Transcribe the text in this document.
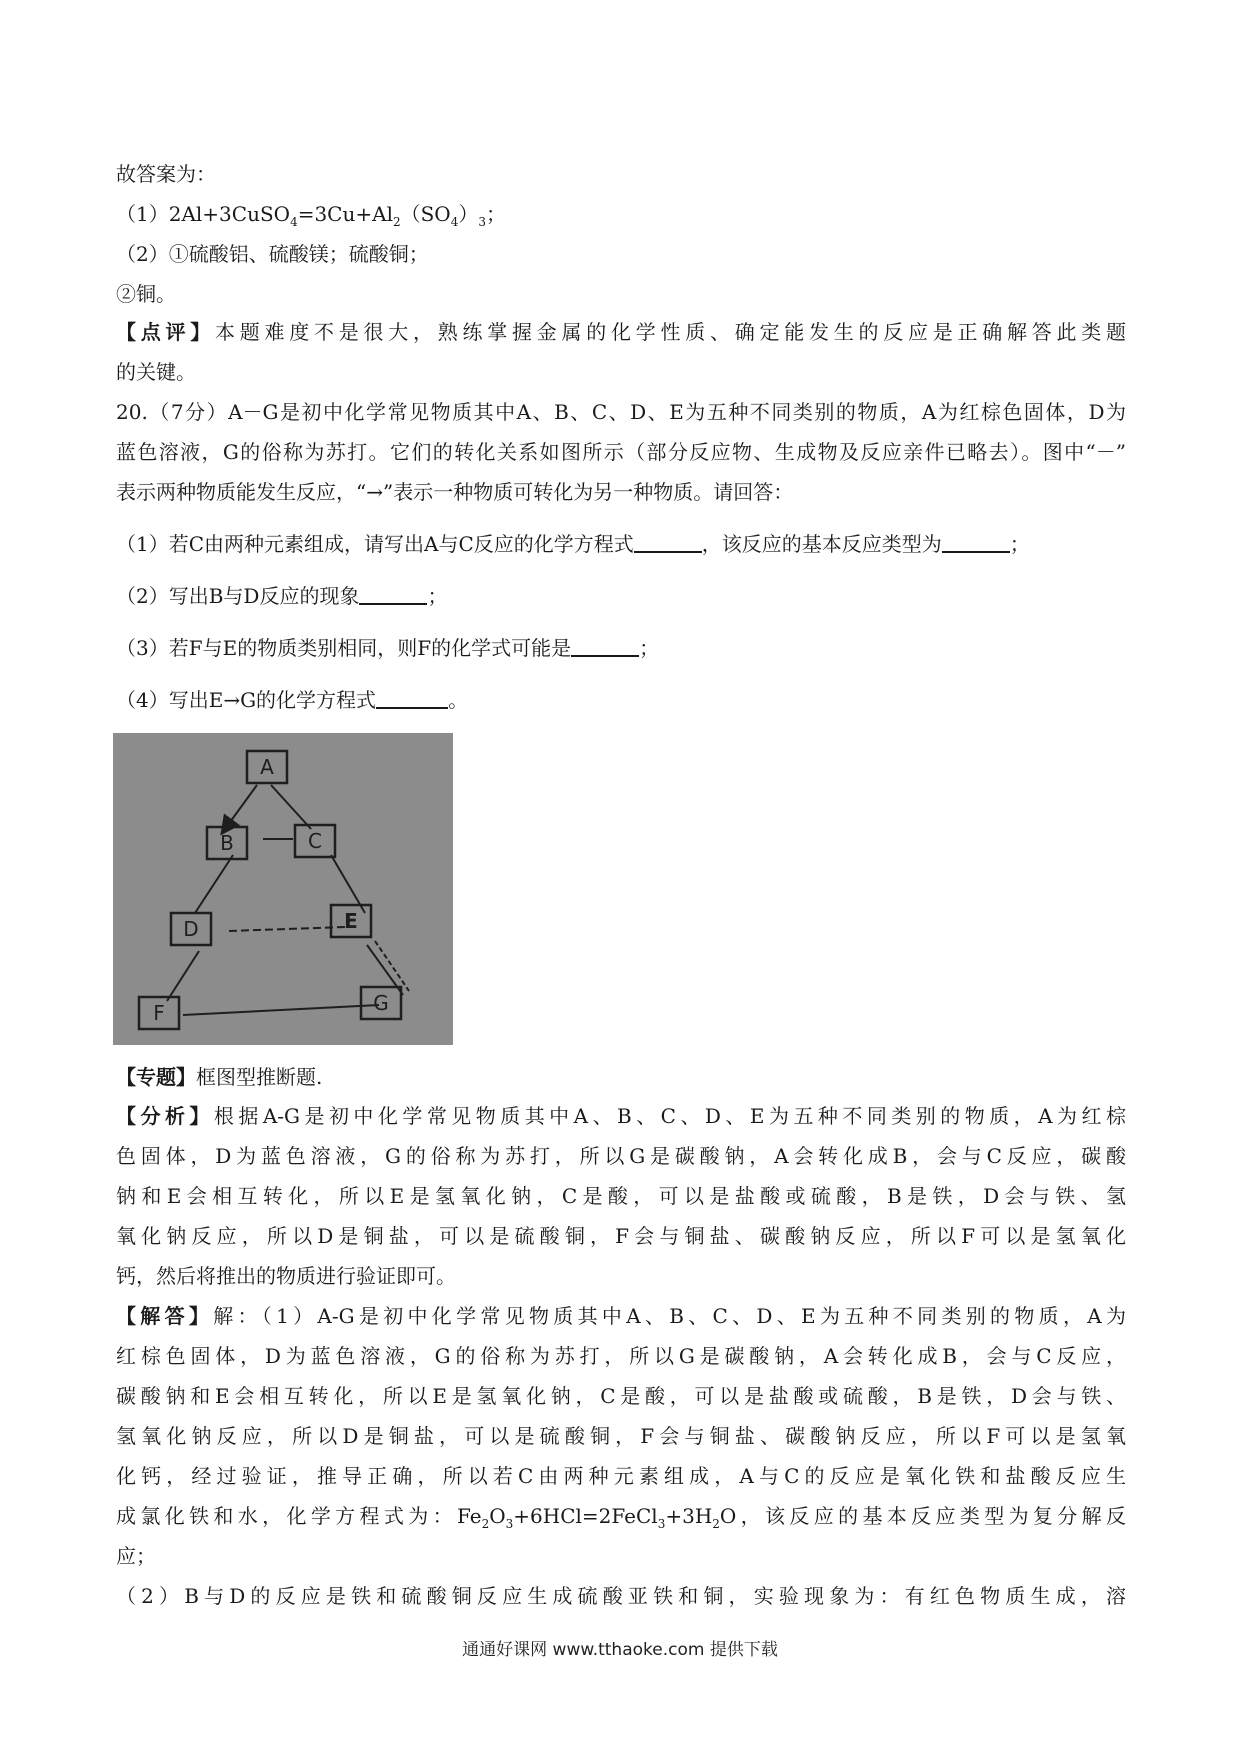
故答案为：
$(1)2Al+3CuSO_4=3Cu+Al_2(SO_4)_3$；
（2）①硫酸铝、硫酸镁；硫酸铜；
②铜。
【点评】本题难度不是很大，熟练掌握金属的化学性质、确定能发生的反应是正确解答此类题
的关键。
20.（7分）A－G是初中化学常见物质其中A、B、C、D、E为五种不同类别的物质，A为红棕色固体，D为
蓝色溶液，G的俗称为苏打。它们的转化关系如图所示（部分反应物、生成物及反应亲件已略去）。图中“－”
表示两种物质能发生反应，“→”表示一种物质可转化为另一种物质。请回答：
（1）若C由两种元素组成，请写出A与C反应的化学方程式	，该反应的基本反应类型为	；
（2）写出B与D反应的现象	；
（3）若F与E的物质类别相同，则F的化学式可能是	；
（4）写出E→G的化学方程式	。
A
B	C
D	E
F	G
【专题】框图型推断题.
【分析】根据A-G是初中化学常见物质其中A、B、C、D、E为五种不同类别的物质，A为红棕
色固体，D为蓝色溶液，G的俗称为苏打，所以G是碳酸钠，A会转化成B，会与C反应，碳酸
钠和E会相互转化，所以E是氢氧化钠，C是酸，可以是盐酸或硫酸，B是铁，D会与铁、氢
氧化钠反应，所以D是铜盐，可以是硫酸铜，F会与铜盐、碳酸钠反应，所以F可以是氢氧化
钙，然后将推出的物质进行验证即可。
【解答】解：（1）A-G是初中化学常见物质其中A、B、C、D、E为五种不同类别的物质，A为
红棕色固体，D为蓝色溶液，G的俗称为苏打，所以G是碳酸钠，A会转化成B，会与C反应，
碳酸钠和E会相互转化，所以E是氢氧化钠，C是酸，可以是盐酸或硫酸，B是铁，D会与铁、
氢氧化钠反应，所以D是铜盐，可以是硫酸铜，F会与铜盐、碳酸钠反应，所以F可以是氢氧
化钙，经过验证，推导正确，所以若C由两种元素组成，A与C的反应是氧化铁和盐酸反应生
成氯化铁和水，化学方程式为：$Fe_2O_3+6HCl=2FeCl_3+3H_2O$，该反应的基本反应类型为复分解反
应；
（2）B与D的反应是铁和硫酸铜反应生成硫酸亚铁和铜，实验现象为：有红色物质生成，溶
通通好课网 www.tthaoke.com 提供下载
